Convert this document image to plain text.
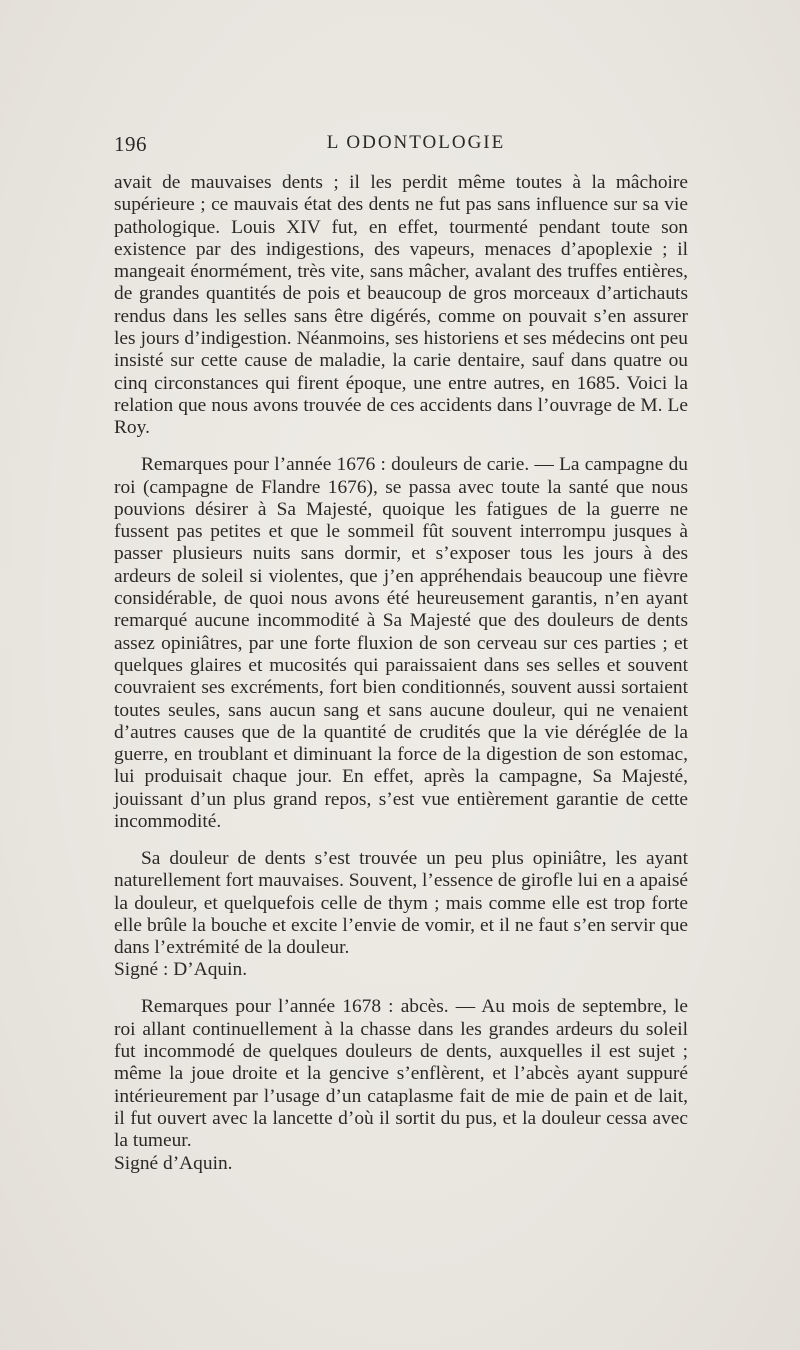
196	L ODONTOLOGIE

avait de mauvaises dents ; il les perdit même toutes à la mâchoire supérieure ; ce mauvais état des dents ne fut pas sans influence sur sa vie pathologique. Louis XIV fut, en effet, tourmenté pendant toute son existence par des indigestions, des vapeurs, menaces d’apoplexie ; il mangeait énormément, très vite, sans mâcher, avalant des truffes entières, de grandes quantités de pois et beaucoup de gros morceaux d’artichauts rendus dans les selles sans être digérés, comme on pouvait s’en assurer les jours d’indigestion. Néanmoins, ses historiens et ses médecins ont peu insisté sur cette cause de maladie, la carie dentaire, sauf dans quatre ou cinq circonstances qui firent époque, une entre autres, en 1685. Voici la relation que nous avons trouvée de ces accidents dans l’ouvrage de M. Le Roy.

Remarques pour l’année 1676 : douleurs de carie. — La campagne du roi (campagne de Flandre 1676), se passa avec toute la santé que nous pouvions désirer à Sa Majesté, quoique les fatigues de la guerre ne fussent pas petites et que le sommeil fût souvent interrompu jusques à passer plusieurs nuits sans dormir, et s’exposer tous les jours à des ardeurs de soleil si violentes, que j’en appréhendais beaucoup une fièvre considérable, de quoi nous avons été heureusement garantis, n’en ayant remarqué aucune incommodité à Sa Majesté que des douleurs de dents assez opiniâtres, par une forte fluxion de son cerveau sur ces parties ; et quelques glaires et mucosités qui paraissaient dans ses selles et souvent couvraient ses excréments, fort bien conditionnés, souvent aussi sortaient toutes seules, sans aucun sang et sans aucune douleur, qui ne venaient d’autres causes que de la quantité de crudités que la vie déréglée de la guerre, en troublant et diminuant la force de la digestion de son estomac, lui produisait chaque jour. En effet, après la campagne, Sa Majesté, jouissant d’un plus grand repos, s’est vue entièrement garantie de cette incommodité.

Sa douleur de dents s’est trouvée un peu plus opiniâtre, les ayant naturellement fort mauvaises. Souvent, l’essence de girofle lui en a apaisé la douleur, et quelquefois celle de thym ; mais comme elle est trop forte elle brûle la bouche et excite l’envie de vomir, et il ne faut s’en servir que dans l’extrémité de la douleur.

Signé : D’Aquin.

Remarques pour l’année 1678 : abcès. — Au mois de septembre, le roi allant continuellement à la chasse dans les grandes ardeurs du soleil fut incommodé de quelques douleurs de dents, auxquelles il est sujet ; même la joue droite et la gencive s’enflèrent, et l’abcès ayant suppuré intérieurement par l’usage d’un cataplasme fait de mie de pain et de lait, il fut ouvert avec la lancette d’où il sortit du pus, et la douleur cessa avec la tumeur.

Signé d’Aquin.
